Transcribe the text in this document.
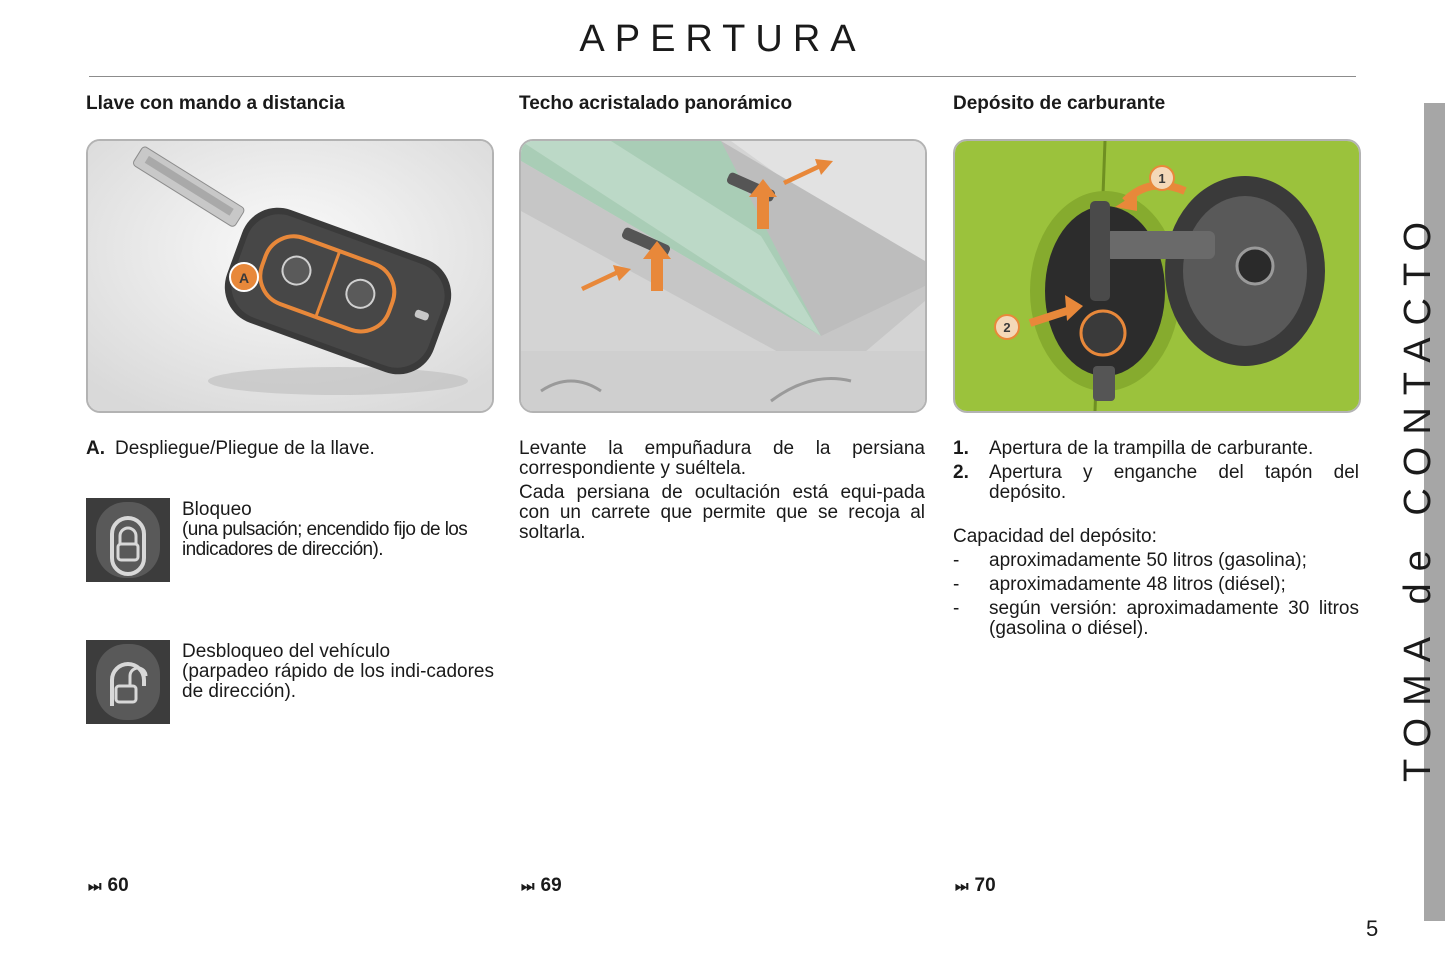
APERTURA
Llave con mando a distancia
A
A. Despliegue/Pliegue de la llave.
Bloqueo
(una pulsación; encendido fijo de los indicadores de dirección).
Desbloqueo del vehículo
(parpadeo rápido de los indi-cadores de dirección).
Techo acristalado panorámico

Levante la empuñadura de la persiana correspondiente y suéltela.

Cada persiana de ocultación está equi-pada con un carrete que permite que se recoja al soltarla.

Depósito de carburante
1
2
1. Apertura de la trampilla de carburante.
2. Apertura y enganche del tapón del depósito.
Capacidad del depósito:
- aproximadamente 50 litros (gasolina);
- aproximadamente 48 litros (diésel);
- según versión: aproximadamente 30 litros (gasolina o diésel).
⏭ 60	⏭ 69	⏭ 70
TOMA de CONTACTO
5
